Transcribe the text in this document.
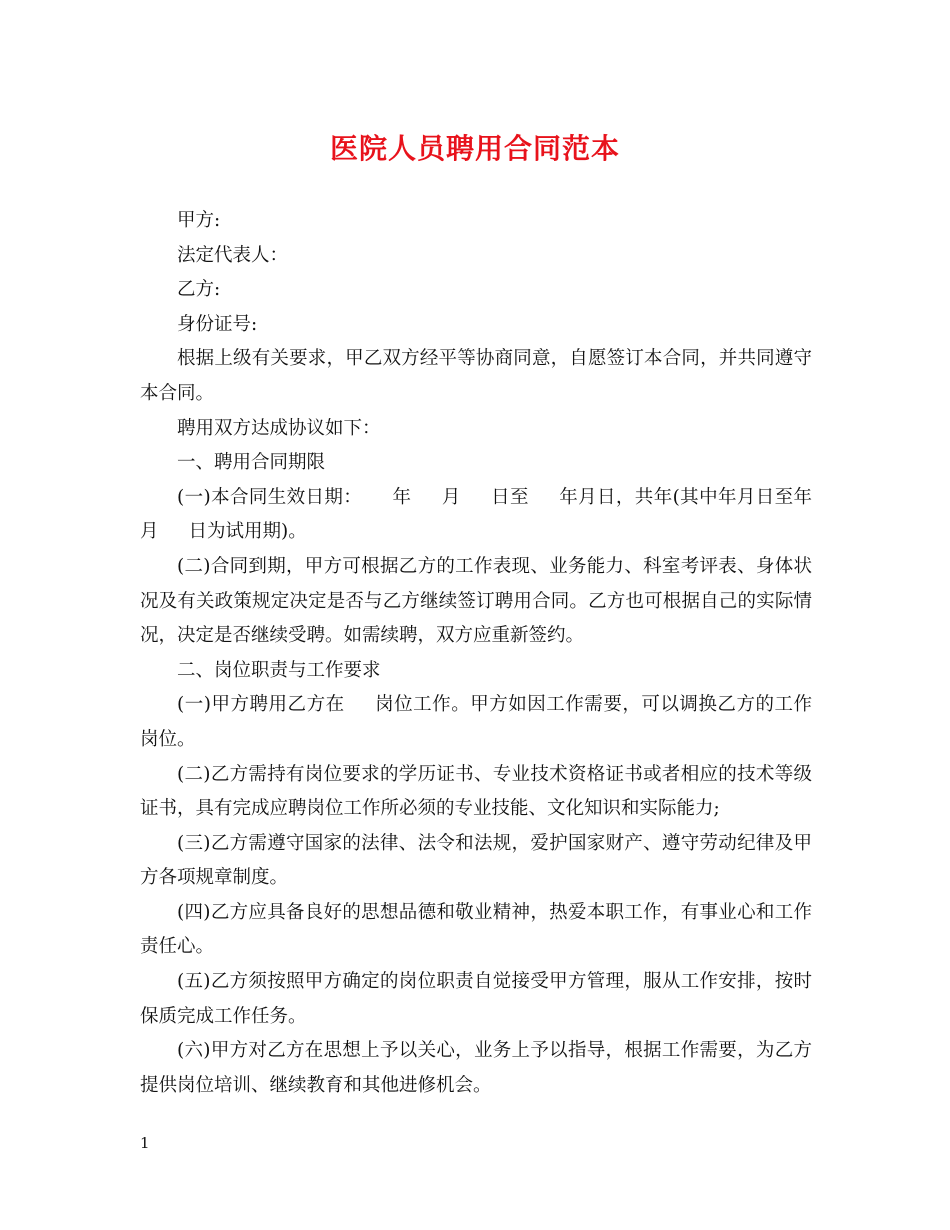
医院人员聘用合同范本

甲方:

法定代表人：

乙方:

身份证号:

根据上级有关要求，甲乙双方经平等协商同意，自愿签订本合同，并共同遵守本合同。

聘用双方达成协议如下：

一、聘用合同期限

(一)本合同生效日期： 年 月 日至 年月日，共年(其中年月日至年月 日为试用期)。

(二)合同到期，甲方可根据乙方的工作表现、业务能力、科室考评表、身体状况及有关政策规定决定是否与乙方继续签订聘用合同。乙方也可根据自己的实际情况，决定是否继续受聘。如需续聘，双方应重新签约。

二、岗位职责与工作要求

(一)甲方聘用乙方在 岗位工作。甲方如因工作需要，可以调换乙方的工作岗位。

(二)乙方需持有岗位要求的学历证书、专业技术资格证书或者相应的技术等级证书，具有完成应聘岗位工作所必须的专业技能、文化知识和实际能力;

(三)乙方需遵守国家的法律、法令和法规，爱护国家财产、遵守劳动纪律及甲方各项规章制度。

(四)乙方应具备良好的思想品德和敬业精神，热爱本职工作，有事业心和工作责任心。

(五)乙方须按照甲方确定的岗位职责自觉接受甲方管理，服从工作安排，按时保质完成工作任务。

(六)甲方对乙方在思想上予以关心，业务上予以指导，根据工作需要，为乙方提供岗位培训、继续教育和其他进修机会。

1
